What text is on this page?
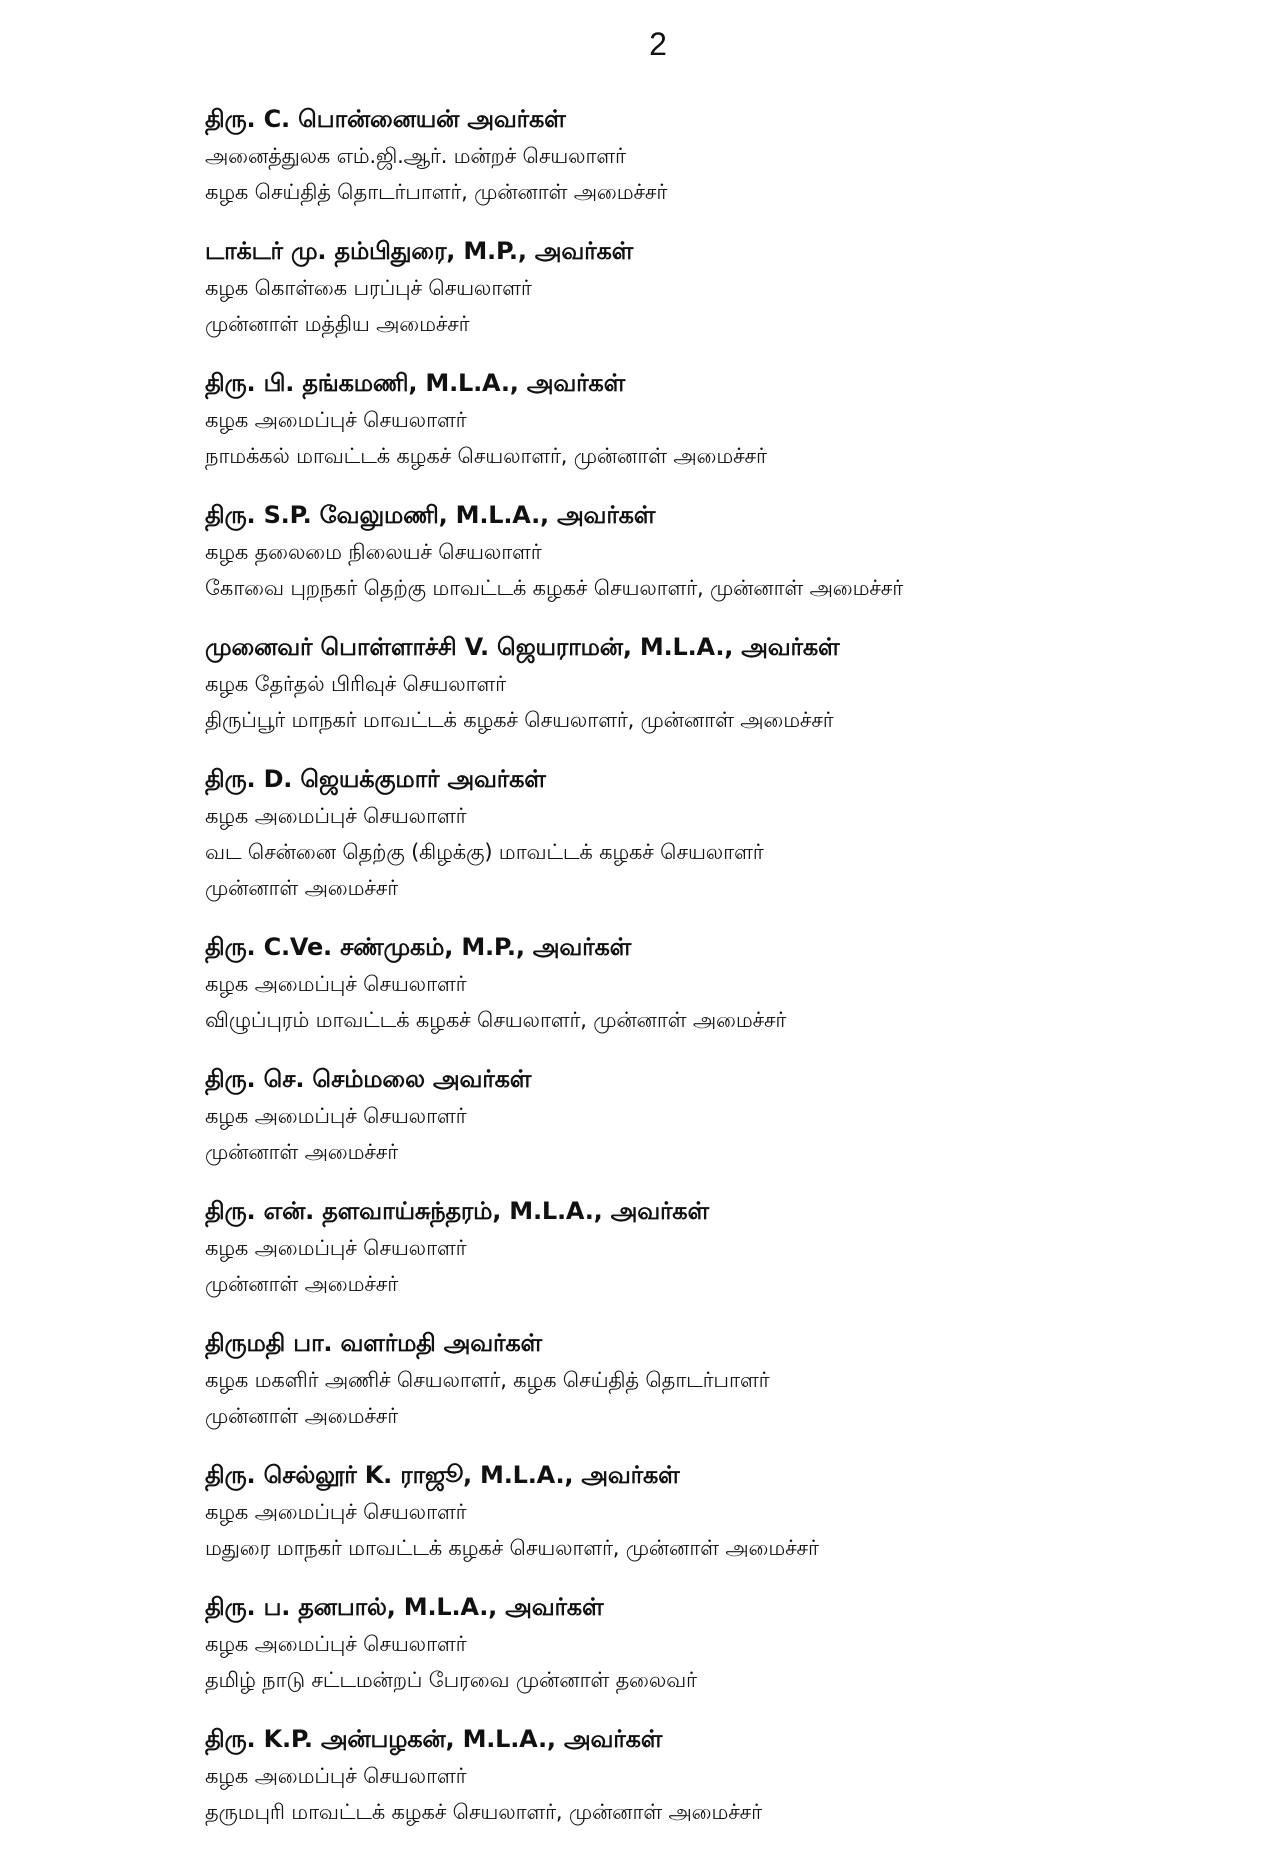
2
திரு. C. பொன்னையன் அவர்கள்
அனைத்துலக எம்.ஜி.ஆர். மன்றச் செயலாளர்
கழக செய்தித் தொடர்பாளர், முன்னாள் அமைச்சர்
டாக்டர் மு. தம்பிதுரை, M.P., அவர்கள்
கழக கொள்கை பரப்புச் செயலாளர்
முன்னாள் மத்திய அமைச்சர்
திரு. பி. தங்கமணி, M.L.A., அவர்கள்
கழக அமைப்புச் செயலாளர்
நாமக்கல் மாவட்டக் கழகச் செயலாளர், முன்னாள் அமைச்சர்
திரு. S.P. வேலுமணி, M.L.A., அவர்கள்
கழக தலைமை நிலையச் செயலாளர்
கோவை புறநகர் தெற்கு மாவட்டக் கழகச் செயலாளர், முன்னாள் அமைச்சர்
முனைவர் பொள்ளாச்சி V. ஜெயராமன், M.L.A., அவர்கள்
கழக தேர்தல் பிரிவுச் செயலாளர்
திருப்பூர் மாநகர் மாவட்டக் கழகச் செயலாளர், முன்னாள் அமைச்சர்
திரு. D. ஜெயக்குமார் அவர்கள்
கழக அமைப்புச் செயலாளர்
வட சென்னை தெற்கு (கிழக்கு) மாவட்டக் கழகச் செயலாளர்
முன்னாள் அமைச்சர்
திரு. C.Ve. சண்முகம், M.P., அவர்கள்
கழக அமைப்புச் செயலாளர்
விழுப்புரம் மாவட்டக் கழகச் செயலாளர், முன்னாள் அமைச்சர்
திரு. செ. செம்மலை அவர்கள்
கழக அமைப்புச் செயலாளர்
முன்னாள் அமைச்சர்
திரு. என். தளவாய்சுந்தரம், M.L.A., அவர்கள்
கழக அமைப்புச் செயலாளர்
முன்னாள் அமைச்சர்
திருமதி பா. வளர்மதி அவர்கள்
கழக மகளிர் அணிச் செயலாளர், கழக செய்தித் தொடர்பாளர்
முன்னாள் அமைச்சர்
திரு. செல்லூர் K. ராஜூ, M.L.A., அவர்கள்
கழக அமைப்புச் செயலாளர்
மதுரை மாநகர் மாவட்டக் கழகச் செயலாளர், முன்னாள் அமைச்சர்
திரு. ப. தனபால், M.L.A., அவர்கள்
கழக அமைப்புச் செயலாளர்
தமிழ் நாடு சட்டமன்றப் பேரவை முன்னாள் தலைவர்
திரு. K.P. அன்பழகன், M.L.A., அவர்கள்
கழக அமைப்புச் செயலாளர்
தருமபுரி மாவட்டக் கழகச் செயலாளர், முன்னாள் அமைச்சர்
